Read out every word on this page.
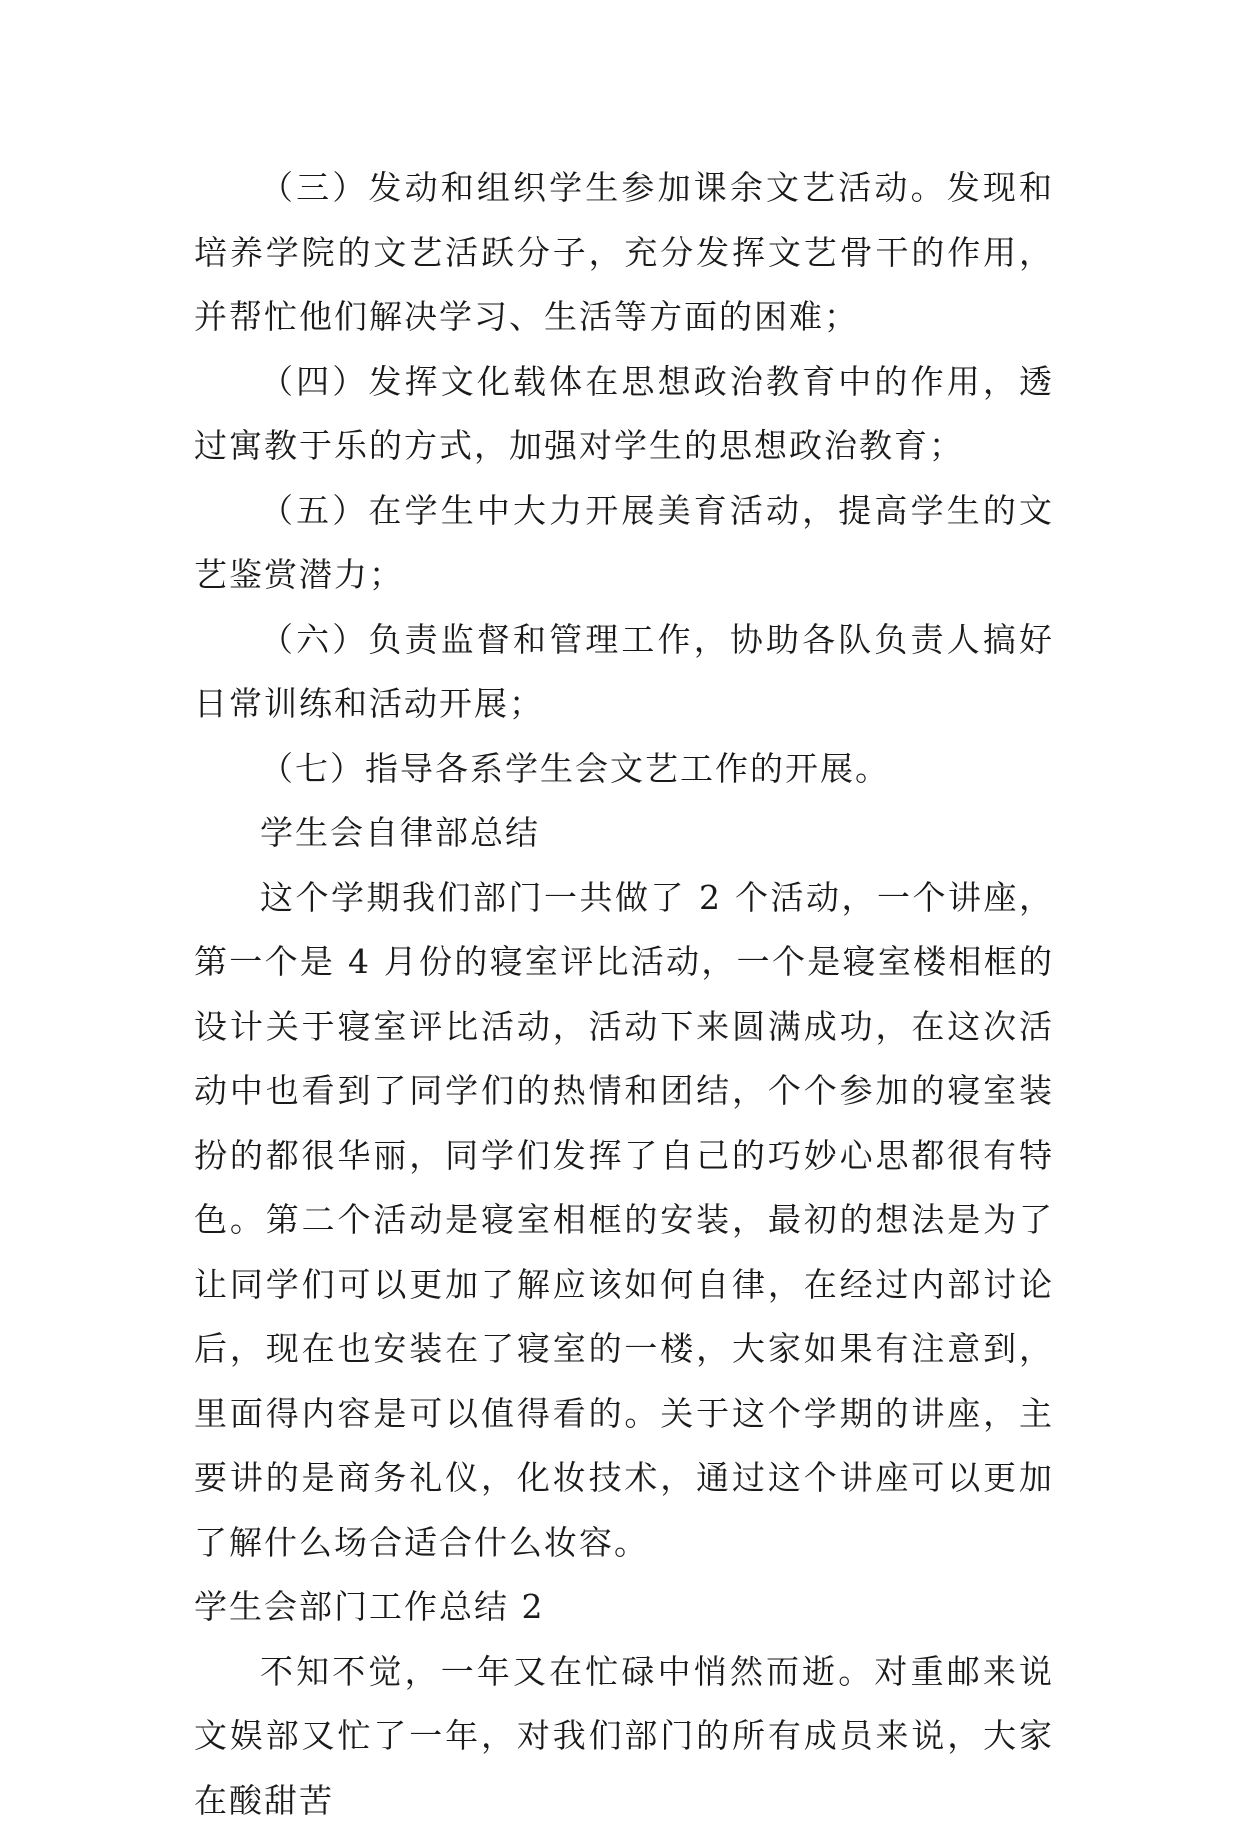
（三）发动和组织学生参加课余文艺活动。发现和培养学院的文艺活跃分子，充分发挥文艺骨干的作用，并帮忙他们解决学习、生活等方面的困难；

（四）发挥文化载体在思想政治教育中的作用，透过寓教于乐的方式，加强对学生的思想政治教育；

（五）在学生中大力开展美育活动，提高学生的文艺鉴赏潜力；

（六）负责监督和管理工作，协助各队负责人搞好日常训练和活动开展；

（七）指导各系学生会文艺工作的开展。

学生会自律部总结

这个学期我们部门一共做了 2 个活动，一个讲座，第一个是 4 月份的寝室评比活动，一个是寝室楼相框的设计关于寝室评比活动，活动下来圆满成功，在这次活动中也看到了同学们的热情和团结，个个参加的寝室装扮的都很华丽，同学们发挥了自己的巧妙心思都很有特色。第二个活动是寝室相框的安装，最初的想法是为了让同学们可以更加了解应该如何自律，在经过内部讨论后，现在也安装在了寝室的一楼，大家如果有注意到，里面得内容是可以值得看的。关于这个学期的讲座，主要讲的是商务礼仪，化妆技术，通过这个讲座可以更加了解什么场合适合什么妆容。

学生会部门工作总结 2

不知不觉，一年又在忙碌中悄然而逝。对重邮来说文娱部又忙了一年，对我们部门的所有成员来说，大家在酸甜苦
